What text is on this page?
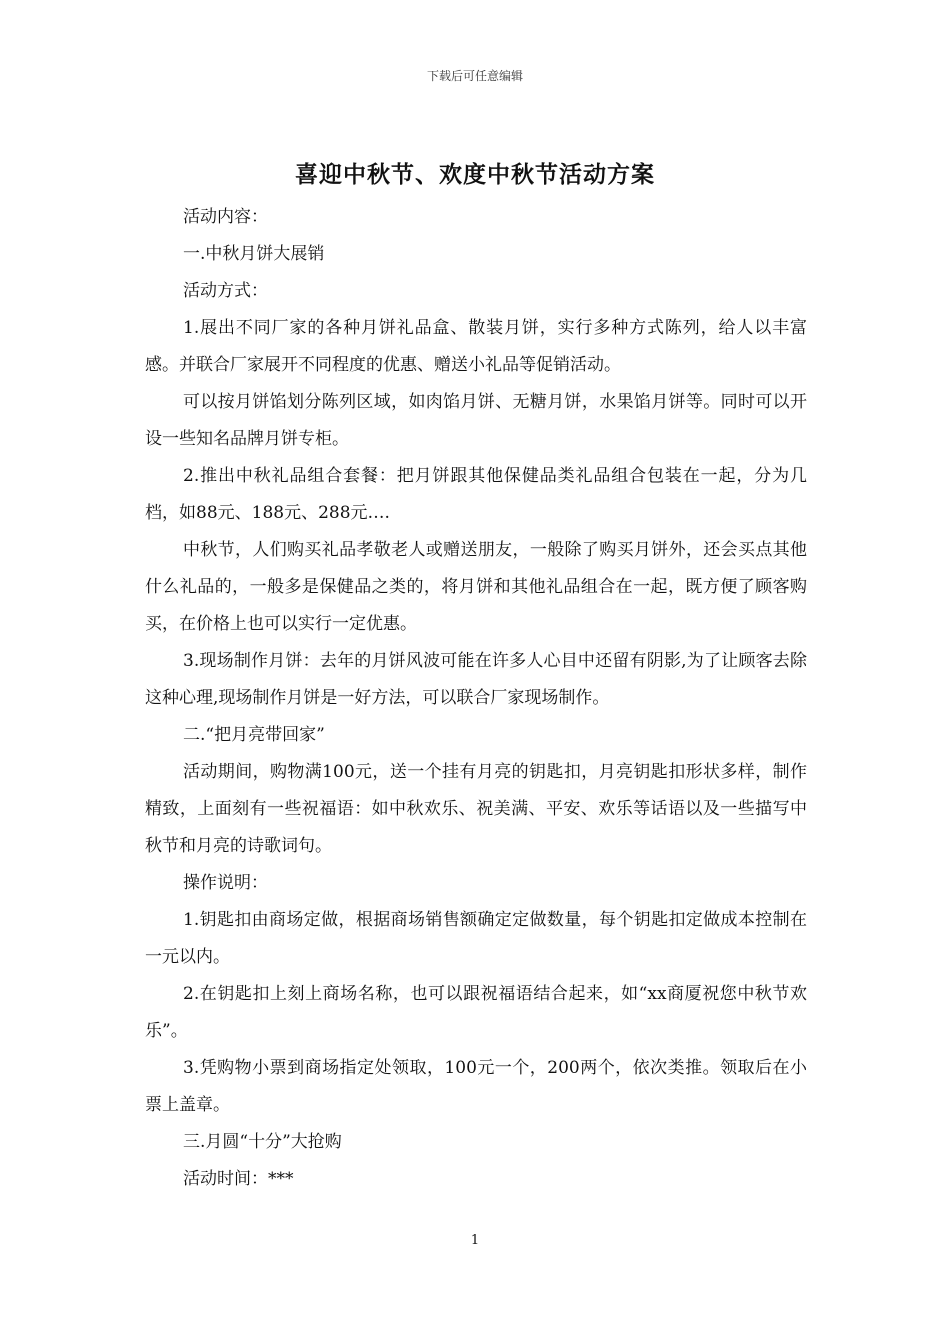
下载后可任意编辑
喜迎中秋节、欢度中秋节活动方案

活动内容：

一.中秋月饼大展销

活动方式：

1.展出不同厂家的各种月饼礼品盒、散装月饼，实行多种方式陈列，给人以丰富感。并联合厂家展开不同程度的优惠、赠送小礼品等促销活动。

可以按月饼馅划分陈列区域，如肉馅月饼、无糖月饼，水果馅月饼等。同时可以开设一些知名品牌月饼专柜。

2.推出中秋礼品组合套餐：把月饼跟其他保健品类礼品组合包装在一起，分为几档，如88元、188元、288元….

中秋节，人们购买礼品孝敬老人或赠送朋友，一般除了购买月饼外，还会买点其他什么礼品的，一般多是保健品之类的，将月饼和其他礼品组合在一起，既方便了顾客购买，在价格上也可以实行一定优惠。

3.现场制作月饼：去年的月饼风波可能在许多人心目中还留有阴影,为了让顾客去除这种心理,现场制作月饼是一好方法，可以联合厂家现场制作。

二.“把月亮带回家”

活动期间，购物满100元，送一个挂有月亮的钥匙扣，月亮钥匙扣形状多样，制作精致，上面刻有一些祝福语：如中秋欢乐、祝美满、平安、欢乐等话语以及一些描写中秋节和月亮的诗歌词句。

操作说明：

1.钥匙扣由商场定做，根据商场销售额确定定做数量，每个钥匙扣定做成本控制在一元以内。

2.在钥匙扣上刻上商场名称，也可以跟祝福语结合起来，如“xx商厦祝您中秋节欢乐”。

3.凭购物小票到商场指定处领取，100元一个，200两个，依次类推。领取后在小票上盖章。

三.月圆“十分”大抢购

活动时间：***

1
